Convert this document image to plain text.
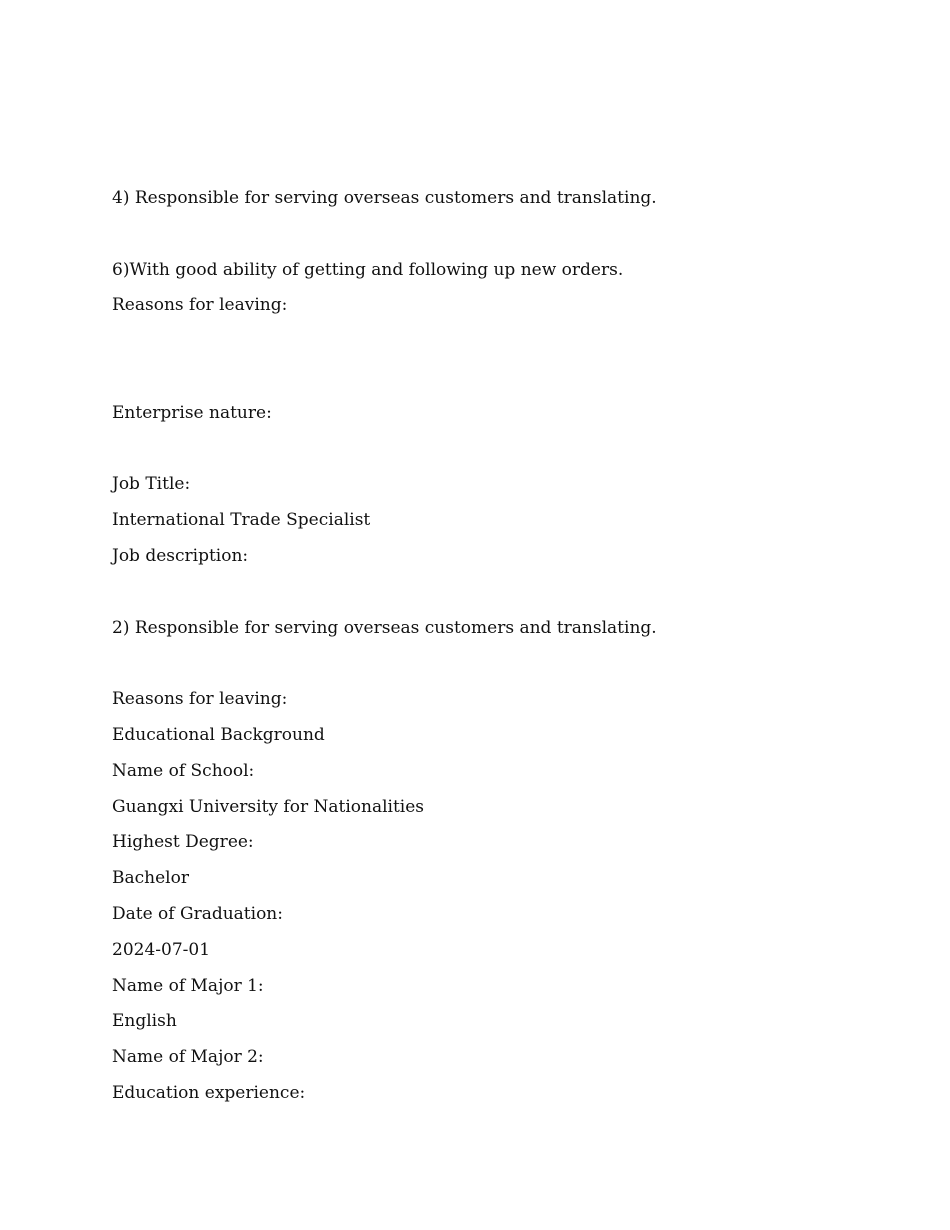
4) Responsible for serving overseas customers and translating.
6)With good ability of getting and following up new orders.
Reasons for leaving:
Enterprise nature:
Job Title:
International Trade Specialist
Job description:
2) Responsible for serving overseas customers and translating.
Reasons for leaving:
Educational Background
Name of School:
Guangxi University for Nationalities
Highest Degree:
Bachelor
Date of Graduation:
2024-07-01
Name of Major 1:
English
Name of Major 2:
Education experience:
